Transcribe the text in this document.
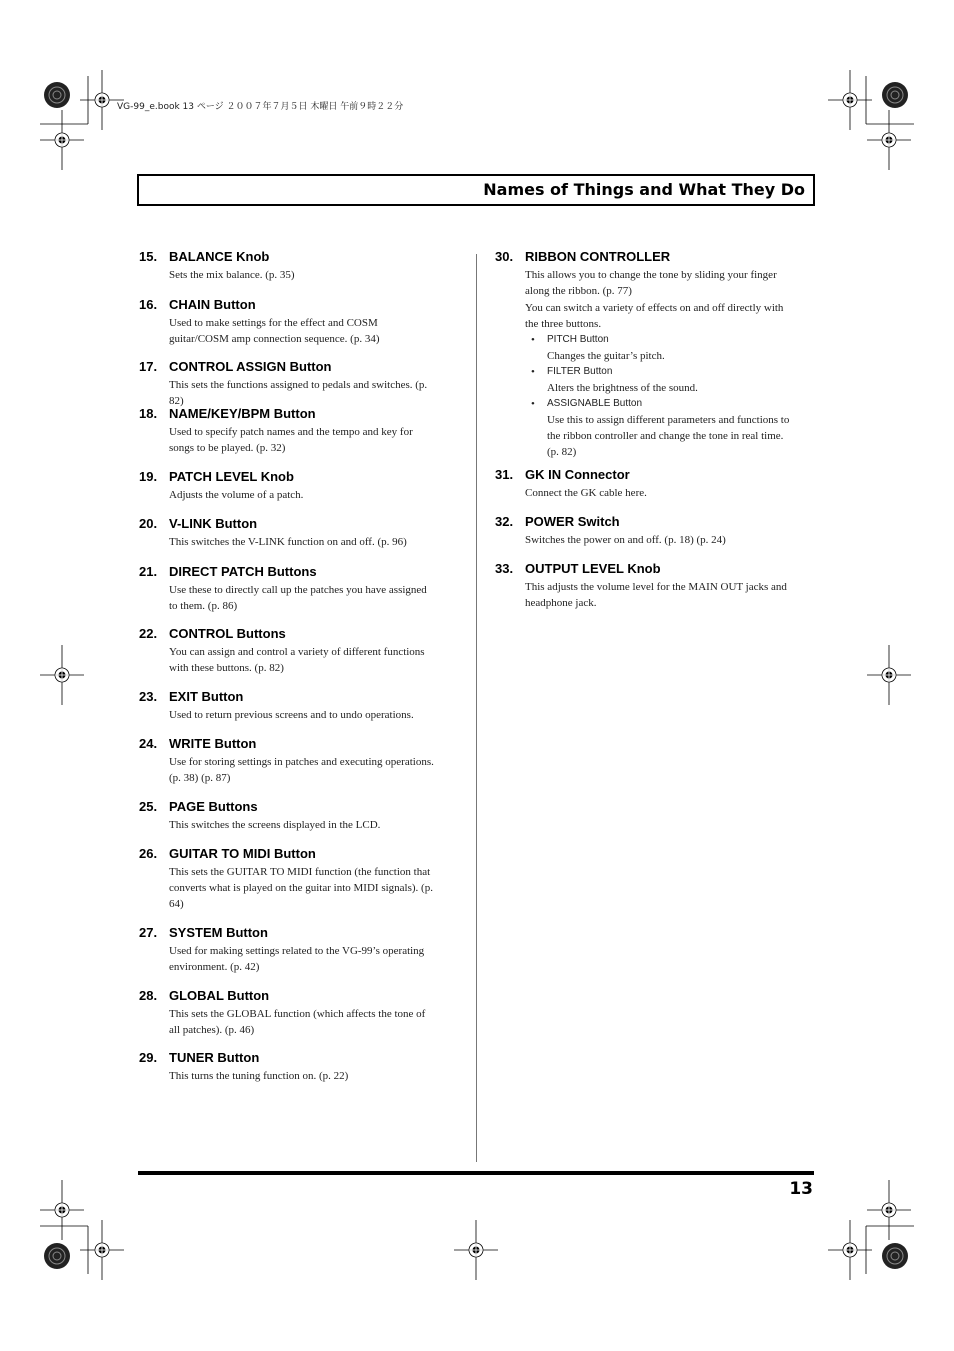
VG-99_e.book 13 ページ ２００７年７月５日 木曜日 午前９時２２分
Names of Things and What They Do
15. BALANCE Knob
Sets the mix balance. (p. 35)
16. CHAIN Button
Used to make settings for the effect and COSM guitar/COSM amp connection sequence. (p. 34)
17. CONTROL ASSIGN Button
This sets the functions assigned to pedals and switches. (p. 82)
18. NAME/KEY/BPM Button
Used to specify patch names and the tempo and key for songs to be played. (p. 32)
19. PATCH LEVEL Knob
Adjusts the volume of a patch.
20. V-LINK Button
This switches the V-LINK function on and off. (p. 96)
21. DIRECT PATCH Buttons
Use these to directly call up the patches you have assigned to them. (p. 86)
22. CONTROL Buttons
You can assign and control a variety of different functions with these buttons. (p. 82)
23. EXIT Button
Used to return previous screens and to undo operations.
24. WRITE Button
Use for storing settings in patches and executing operations. (p. 38) (p. 87)
25. PAGE Buttons
This switches the screens displayed in the LCD.
26. GUITAR TO MIDI Button
This sets the GUITAR TO MIDI function (the function that converts what is played on the guitar into MIDI signals). (p. 64)
27. SYSTEM Button
Used for making settings related to the VG-99’s operating environment. (p. 42)
28. GLOBAL Button
This sets the GLOBAL function (which affects the tone of all patches). (p. 46)
29. TUNER Button
This turns the tuning function on. (p. 22)
30. RIBBON CONTROLLER

This allows you to change the tone by sliding your finger along the ribbon. (p. 77)

You can switch a variety of effects on and off directly with the three buttons.

• PITCH Button
Changes the guitar’s pitch.
• FILTER Button
Alters the brightness of the sound.
• ASSIGNABLE Button
Use this to assign different parameters and functions to the ribbon controller and change the tone in real time. (p. 82)
31. GK IN Connector
Connect the GK cable here.
32. POWER Switch
Switches the power on and off. (p. 18) (p. 24)
33. OUTPUT LEVEL Knob
This adjusts the volume level for the MAIN OUT jacks and headphone jack.
13
